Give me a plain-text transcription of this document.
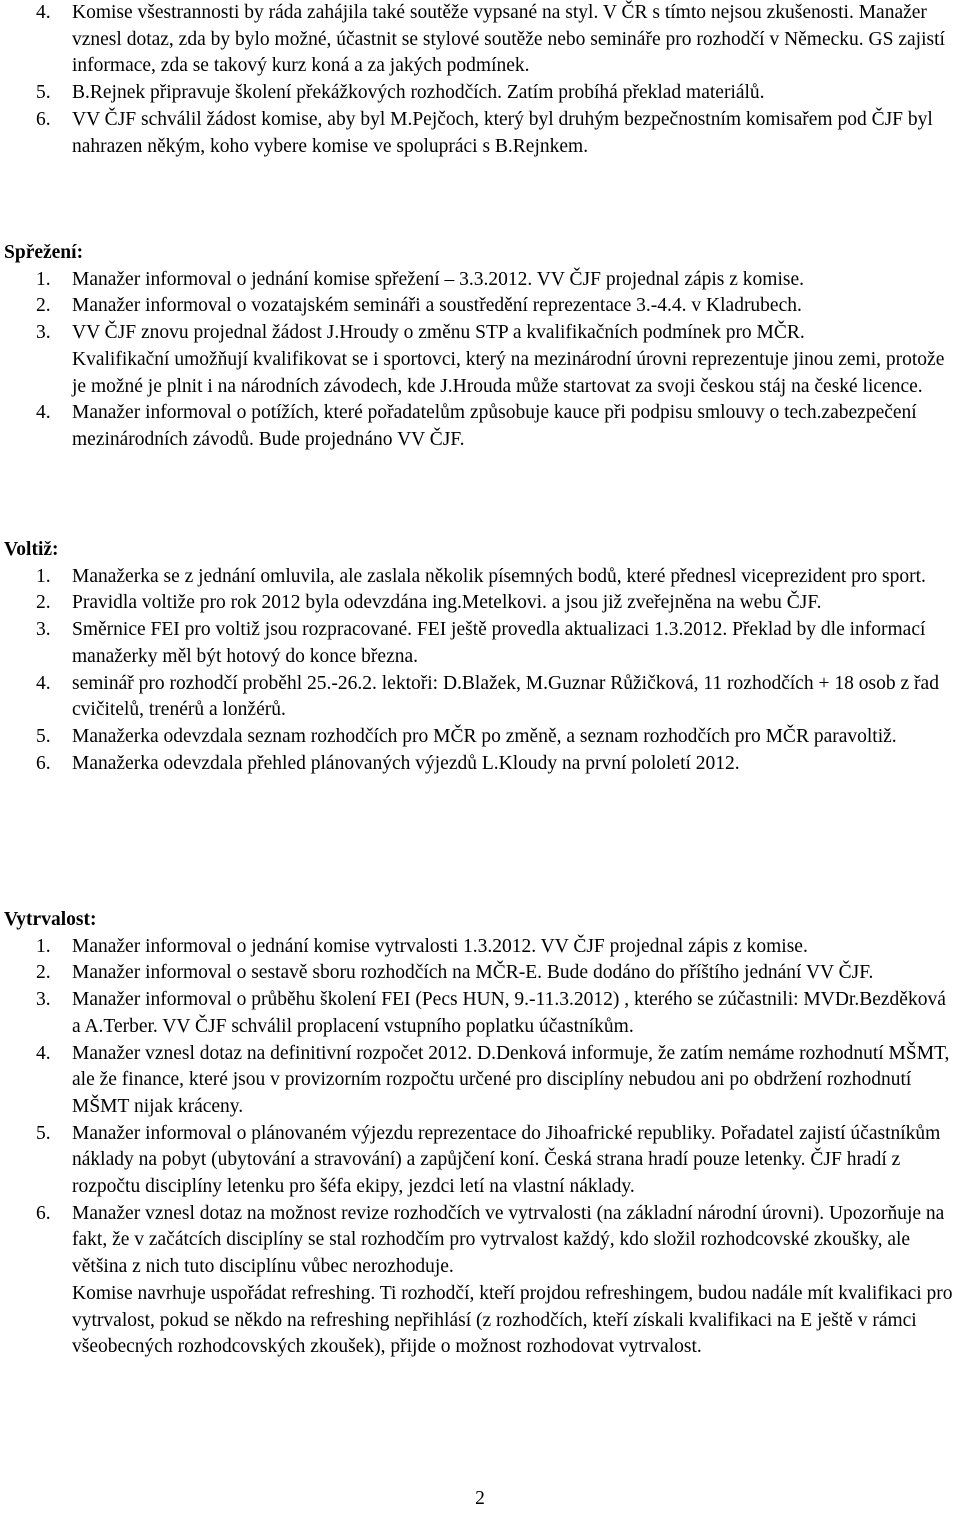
4. Komise všestrannosti by ráda zahájila také soutěže vypsané na styl. V ČR s tímto nejsou zkušenosti. Manažer vznesl dotaz, zda by bylo možné, účastnit se stylové soutěže nebo semináře pro rozhodčí v Německu. GS zajistí informace, zda se takový kurz koná a za jakých podmínek.
5. B.Rejnek připravuje školení překážkových rozhodčích. Zatím probíhá překlad materiálů.
6. VV ČJF schválil žádost komise, aby byl M.Pejčoch, který byl druhým bezpečnostním komisařem pod ČJF byl nahrazen někým, koho vybere komise ve spolupráci s B.Rejnkem.

Spřežení:

1. Manažer informoval o jednání komise spřežení – 3.3.2012. VV ČJF projednal zápis z komise.
2. Manažer informoval o vozatajském semináři a soustředění reprezentace 3.-4.4. v Kladrubech.
3. VV ČJF znovu projednal žádost J.Hroudy o změnu STP a kvalifikačních podmínek pro MČR.

Kvalifikační umožňují kvalifikovat se i sportovci, který na mezinárodní úrovni reprezentuje jinou zemi, protože je možné je plnit i na národních závodech, kde J.Hrouda může startovat za svoji českou stáj na české licence.

4. Manažer informoval o potížích, které pořadatelům způsobuje kauce při podpisu smlouvy o tech.zabezpečení mezinárodních závodů. Bude projednáno VV ČJF.

Voltiž:

1. Manažerka se z jednání omluvila, ale zaslala několik písemných bodů, které přednesl viceprezident pro sport.
2. Pravidla voltiže pro rok 2012 byla odevzdána ing.Metelkovi. a jsou již zveřejněna na webu ČJF.
3. Směrnice FEI pro voltiž jsou rozpracované. FEI ještě provedla aktualizaci 1.3.2012. Překlad by dle informací manažerky měl být hotový do konce března.
4. seminář pro rozhodčí proběhl 25.-26.2. lektoři: D.Blažek, M.Guznar Růžičková, 11 rozhodčích + 18 osob z řad cvičitelů, trenérů a lonžérů.
5. Manažerka odevzdala seznam rozhodčích pro MČR po změně, a seznam rozhodčích pro MČR paravoltiž.
6. Manažerka odevzdala přehled plánovaných výjezdů L.Kloudy na první pololetí 2012.

Vytrvalost:

1. Manažer informoval o jednání komise vytrvalosti 1.3.2012. VV ČJF projednal zápis z komise.
2. Manažer informoval o sestavě sboru rozhodčích na MČR-E. Bude dodáno do příštího jednání VV ČJF.
3. Manažer informoval o průběhu školení FEI (Pecs HUN, 9.-11.3.2012) , kterého se zúčastnili: MVDr.Bezděková a A.Terber. VV ČJF schválil proplacení vstupního poplatku účastníkům.
4. Manažer vznesl dotaz na definitivní rozpočet 2012. D.Denková informuje, že zatím nemáme rozhodnutí MŠMT, ale že finance, které jsou v provizorním rozpočtu určené pro disciplíny nebudou ani po obdržení rozhodnutí MŠMT nijak kráceny.
5. Manažer informoval o plánovaném výjezdu reprezentace do Jihoafrické republiky. Pořadatel zajistí účastníkům náklady na pobyt (ubytování a stravování) a zapůjčení koní. Česká strana hradí pouze letenky. ČJF hradí z rozpočtu disciplíny letenku pro šéfa ekipy, jezdci letí na vlastní náklady.
6. Manažer vznesl dotaz na možnost revize rozhodčích ve vytrvalosti (na základní národní úrovni). Upozorňuje na fakt, že v začátcích disciplíny se stal rozhodčím pro vytrvalost každý, kdo složil rozhodcovské zkoušky, ale většina z nich tuto disciplínu vůbec nerozhoduje.

Komise navrhuje uspořádat refreshing. Ti rozhodčí, kteří projdou refreshingem, budou nadále mít kvalifikaci pro vytrvalost, pokud se někdo na refreshing nepřihlásí (z rozhodčích, kteří získali kvalifikaci na E ještě v rámci všeobecných rozhodcovských zkoušek), přijde o možnost rozhodovat vytrvalost.

2
